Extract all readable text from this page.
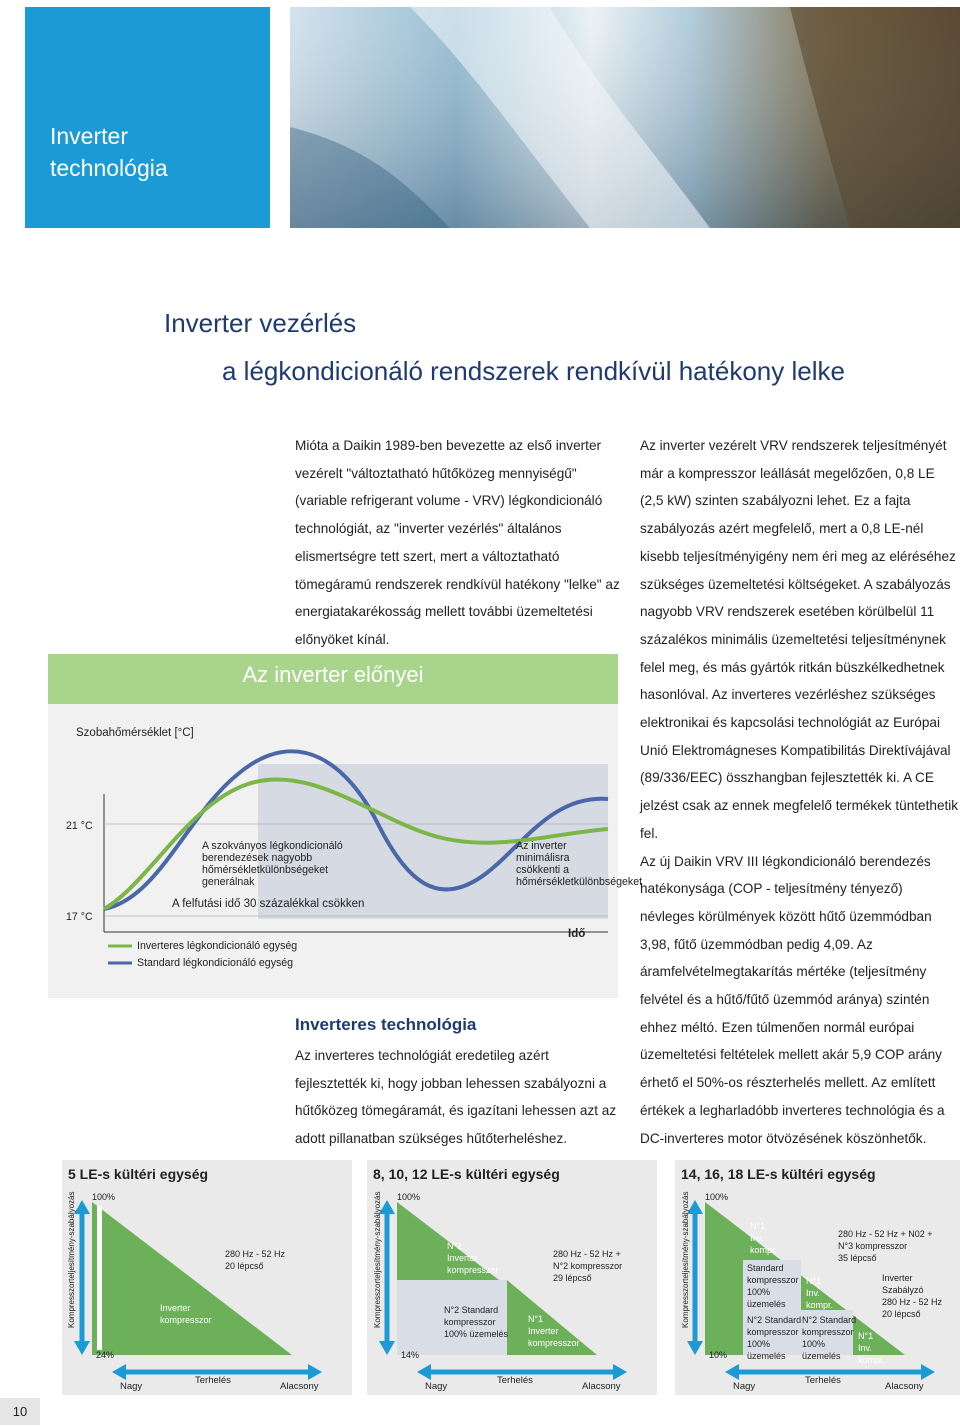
Inverter
technológia
Inverter vezérlés
a légkondicionáló rendszerek rendkívül hatékony lelke
Mióta a Daikin 1989-ben bevezette az első inverter vezérelt "változtatható hűtőközeg mennyiségű" (variable refrigerant volume - VRV) légkondicionáló technológiát, az "inverter vezérlés" általános elismertségre tett szert, mert a változtatható tömegáramú rendszerek rendkívül hatékony "lelke" az energiatakarékosság mellett további üzemeltetési előnyöket kínál.

Az inverter vezérelt VRV rendszerek teljesítményét már a kompresszor leállását megelőzően, 0,8 LE (2,5 kW) szinten szabályozni lehet. Ez a fajta szabályozás azért megfelelő, mert a 0,8 LE-nél kisebb teljesítményigény nem éri meg az eléréséhez szükséges üzemeltetési költségeket. A szabályozás nagyobb VRV rendszerek esetében körülbelül 11 százalékos minimális üzemeltetési teljesítménynek felel meg, és más gyártók ritkán büszkélkedhetnek hasonlóval. Az inverteres vezérléshez szükséges elektronikai és kapcsolási technológiát az Európai Unió Elektromágneses Kompatibilitás Direktívájával (89/336/EEC) összhangban fejlesztették ki. A CE jelzést csak az ennek megfelelő termékek tüntethetik fel.

Az új Daikin VRV III légkondicionáló berendezés hatékonysága (COP - teljesítmény tényező) névleges körülmények között hűtő üzemmódban 3,98, fűtő üzemmódban pedig 4,09. Az áramfelvételmegtakarítás mértéke (teljesítmény felvétel és a hűtő/fűtő üzemmód aránya) szintén ehhez méltó. Ezen túlmenően normál európai üzemeltetési feltételek mellett akár 5,9 COP arány érhető el 50%-os részterhelés mellett. Az említett értékek a legharladóbb inverteres technológia és a DC-inverteres motor ötvözésének köszönhetők.

Az inverter előnyei
Szobahőmérséklet [°C]
21 °C
17 °C
A szokványos légkondicionáló berendezések nagyobb hőmérsékletkülönbségeket generálnak
A felfutási idő 30 százalékkal csökken
Az inverter minimálisra csökkenti a hőmérsékletkülönbségeket
Idő
Inverteres légkondicionáló egység
Standard légkondicionáló egység
Inverteres technológia
Az inverteres technológiát eredetileg azért fejlesztették ki, hogy jobban lehessen szabályozni a hűtőközeg tömegáramát, és igazítani lehessen azt az adott pillanatban szükséges hűtőterheléshez.
5 LE-s kültéri egység
100%
24%
280 Hz - 52 Hz
20 lépcső
Inverter
kompresszor
Nagy
Terhelés
Alacsony
Kompresszorteljesítmény-szabályozás
8, 10, 12 LE-s kültéri egység
100%
14%
280 Hz - 52 Hz +
N°2 kompresszor
29 lépcső
N°1
Inverter
kompresszor
N°2 Standard
kompresszor
100% üzemelés
N°1
Inverter
kompresszor
Nagy
Terhelés
Alacsony
Kompresszorteljesítmény-szabályozás
14, 16, 18 LE-s kültéri egység
100%
10%
280 Hz - 52 Hz + N02 +
N°3 kompresszor
35 lépcső
N°1
Inv.
kompr.
Standard
kompresszor
100%
üzemelés
N°1
Inv.
kompr.
Inverter
Szabályzó
280 Hz - 52 Hz
20 lépcső
N°2 Standard
kompresszor
100%
üzemelés
N°2 Standard
kompresszor
100%
üzemelés
N°1
Inv.
kompr.
Nagy
Terhelés
Alacsony
Kompresszorteljesítmény-szabályozás
10
